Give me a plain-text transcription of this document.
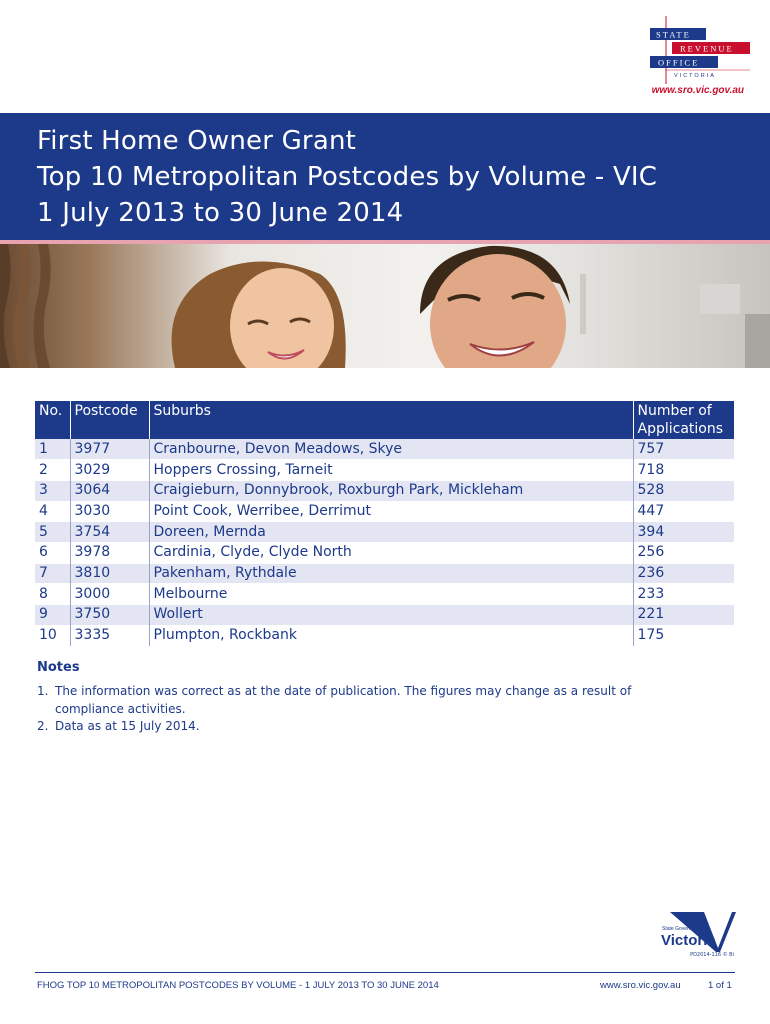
STATE
REVENUE
OFFICE
VICTORIA
www.sro.vic.gov.au
First Home Owner Grant
Top 10 Metropolitan Postcodes by Volume - VIC
1 July 2013 to 30 June 2014
No.	Postcode	Suburbs	Number of
Applications
1	3977	Cranbourne, Devon Meadows, Skye	757
2	3029	Hoppers Crossing, Tarneit	718
3	3064	Craigieburn, Donnybrook, Roxburgh Park, Mickleham	528
4	3030	Point Cook, Werribee, Derrimut	447
5	3754	Doreen, Mernda	394
6	3978	Cardinia, Clyde, Clyde North	256
7	3810	Pakenham, Rythdale	236
8	3000	Melbourne	233
9	3750	Wollert	221
10	3335	Plumpton, Rockbank	175
Notes
1. The information was correct as at the date of publication. The figures may change as a result of compliance activities.
2. Data as at 15 July 2014.
State Government
Victoria
PD2014-116 © Bi
FHOG TOP 10 METROPOLITAN POSTCODES BY VOLUME - 1 JULY 2013 TO 30 JUNE 2014	www.sro.vic.gov.au	1 of 1
